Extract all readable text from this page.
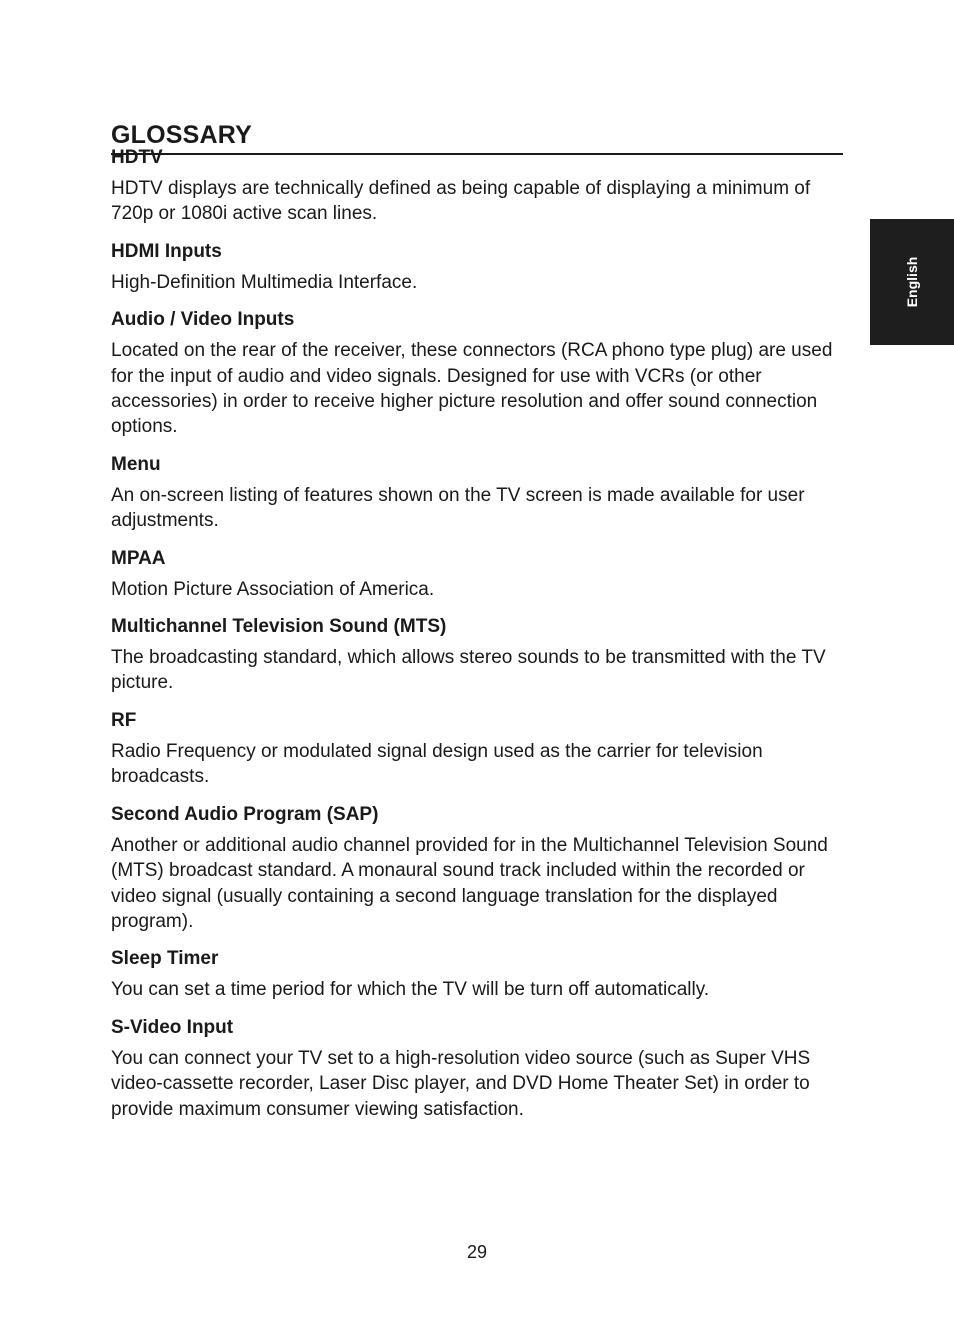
GLOSSARY
English
HDTV

HDTV displays are technically defined as being capable of displaying a minimum of 720p or 1080i active scan lines.

HDMI Inputs

High-Definition Multimedia Interface.

Audio / Video Inputs

Located on the rear of the receiver, these connectors (RCA phono type plug) are used for the input of audio and video signals. Designed for use with VCRs (or other accessories) in order to receive higher picture resolution and offer sound connection options.

Menu

An on-screen listing of features shown on the TV screen is made available for user adjustments.

MPAA

Motion Picture Association of America.

Multichannel Television Sound (MTS)

The broadcasting standard, which allows stereo sounds to be transmitted with the TV picture.

RF

Radio Frequency or modulated signal design used as the carrier for television broadcasts.

Second Audio Program (SAP)

Another or additional audio channel provided for in the Multichannel Television Sound (MTS) broadcast standard. A monaural sound track included within the recorded or video signal (usually containing a second language translation for the displayed program).

Sleep Timer

You can set a time period for which the TV will be turn off automatically.

S-Video Input

You can connect your TV set to a high-resolution video source (such as Super VHS video-cassette recorder, Laser Disc player, and DVD Home Theater Set) in order to provide maximum consumer viewing satisfaction.

29
